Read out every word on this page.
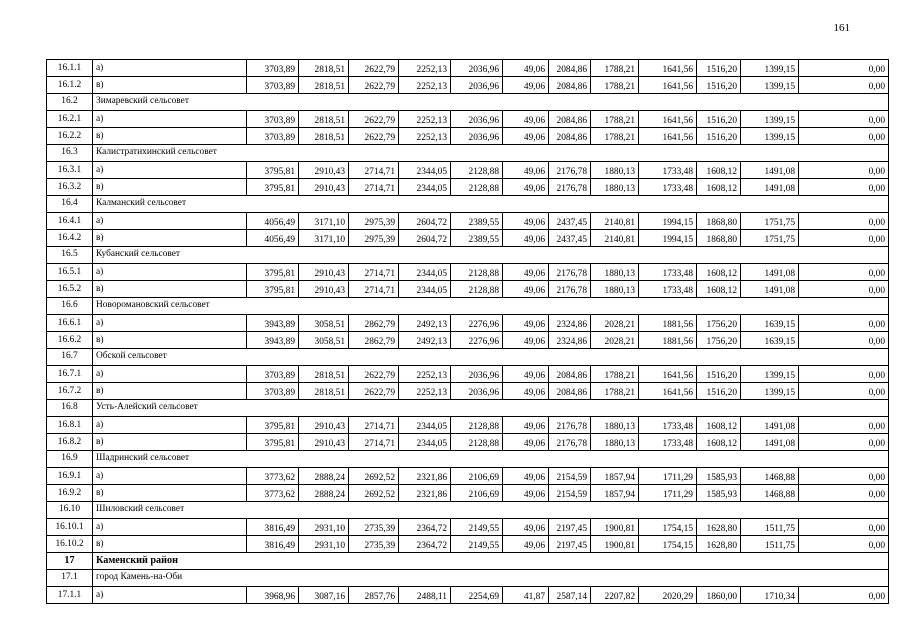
161
16.1.1	а)	3703,89	2818,51	2622,79	2252,13	2036,96	49,06	2084,86	1788,21	1641,56	1516,20	1399,15	0,00
16.1.2	в)	3703,89	2818,51	2622,79	2252,13	2036,96	49,06	2084,86	1788,21	1641,56	1516,20	1399,15	0,00
16.2	Зимаревский сельсовет												
16.2.1	а)	3703,89	2818,51	2622,79	2252,13	2036,96	49,06	2084,86	1788,21	1641,56	1516,20	1399,15	0,00
16.2.2	в)	3703,89	2818,51	2622,79	2252,13	2036,96	49,06	2084,86	1788,21	1641,56	1516,20	1399,15	0,00
16.3	Калистратихинский сельсовет												
16.3.1	а)	3795,81	2910,43	2714,71	2344,05	2128,88	49,06	2176,78	1880,13	1733,48	1608,12	1491,08	0,00
16.3.2	в)	3795,81	2910,43	2714,71	2344,05	2128,88	49,06	2176,78	1880,13	1733,48	1608,12	1491,08	0,00
16.4	Калманский сельсовет												
16.4.1	а)	4056,49	3171,10	2975,39	2604,72	2389,55	49,06	2437,45	2140,81	1994,15	1868,80	1751,75	0,00
16.4.2	в)	4056,49	3171,10	2975,39	2604,72	2389,55	49,06	2437,45	2140,81	1994,15	1868,80	1751,75	0,00
16.5	Кубанский сельсовет												
16.5.1	а)	3795,81	2910,43	2714,71	2344,05	2128,88	49,06	2176,78	1880,13	1733,48	1608,12	1491,08	0,00
16.5.2	в)	3795,81	2910,43	2714,71	2344,05	2128,88	49,06	2176,78	1880,13	1733,48	1608,12	1491,08	0,00
16.6	Новоромановский сельсовет												
16.6.1	а)	3943,89	3058,51	2862,79	2492,13	2276,96	49,06	2324,86	2028,21	1881,56	1756,20	1639,15	0,00
16.6.2	в)	3943,89	3058,51	2862,79	2492,13	2276,96	49,06	2324,86	2028,21	1881,56	1756,20	1639,15	0,00
16.7	Обской сельсовет												
16.7.1	а)	3703,89	2818,51	2622,79	2252,13	2036,96	49,06	2084,86	1788,21	1641,56	1516,20	1399,15	0,00
16.7.2	в)	3703,89	2818,51	2622,79	2252,13	2036,96	49,06	2084,86	1788,21	1641,56	1516,20	1399,15	0,00
16.8	Усть-Алейский сельсовет												
16.8.1	а)	3795,81	2910,43	2714,71	2344,05	2128,88	49,06	2176,78	1880,13	1733,48	1608,12	1491,08	0,00
16.8.2	в)	3795,81	2910,43	2714,71	2344,05	2128,88	49,06	2176,78	1880,13	1733,48	1608,12	1491,08	0,00
16.9	Шадринский сельсовет												
16.9.1	а)	3773,62	2888,24	2692,52	2321,86	2106,69	49,06	2154,59	1857,94	1711,29	1585,93	1468,88	0,00
16.9.2	в)	3773,62	2888,24	2692,52	2321,86	2106,69	49,06	2154,59	1857,94	1711,29	1585,93	1468,88	0,00
16.10	Шиловский сельсовет												
16.10.1	а)	3816,49	2931,10	2735,39	2364,72	2149,55	49,06	2197,45	1900,81	1754,15	1628,80	1511,75	0,00
16.10.2	в)	3816,49	2931,10	2735,39	2364,72	2149,55	49,06	2197,45	1900,81	1754,15	1628,80	1511,75	0,00
17	Каменский район												
17.1	город Камень-на-Оби												
17.1.1	а)	3968,96	3087,16	2857,76	2488,11	2254,69	41,87	2587,14	2207,82	2020,29	1860,00	1710,34	0,00
